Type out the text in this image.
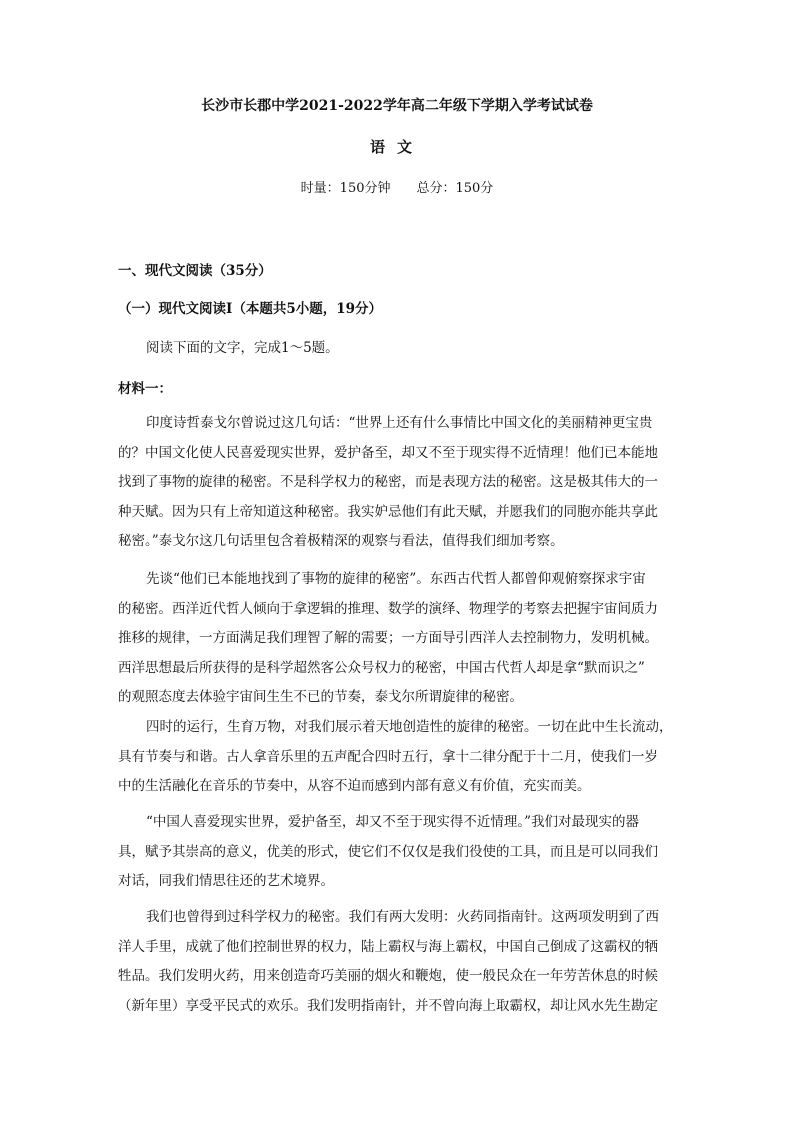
长沙市长郡中学2021-2022学年高二年级下学期入学考试试卷
语文
时量：150分钟　　总分：150分
一、现代文阅读（35分）
（一）现代文阅读Ⅰ（本题共5小题，19分）
阅读下面的文字，完成1～5题。
材料一：
印度诗哲泰戈尔曾说过这几句话：“世界上还有什么事情比中国文化的美丽精神更宝贵
的？中国文化使人民喜爱现实世界，爱护备至，却又不至于现实得不近情理！他们已本能地
找到了事物的旋律的秘密。不是科学权力的秘密，而是表现方法的秘密。这是极其伟大的一
种天赋。因为只有上帝知道这种秘密。我实妒忌他们有此天赋，并愿我们的同胞亦能共享此
秘密。”泰戈尔这几句话里包含着极精深的观察与看法，值得我们细加考察。
先谈“他们已本能地找到了事物的旋律的秘密”。东西古代哲人都曾仰观俯察探求宇宙
的秘密。西洋近代哲人倾向于拿逻辑的推理、数学的演绎、物理学的考察去把握宇宙间质力
推移的规律，一方面满足我们理智了解的需要；一方面导引西洋人去控制物力，发明机械。
西洋思想最后所获得的是科学超然客公众号权力的秘密，中国古代哲人却是拿“默而识之”
的观照态度去体验宇宙间生生不已的节奏，泰戈尔所谓旋律的秘密。
四时的运行，生育万物，对我们展示着天地创造性的旋律的秘密。一切在此中生长流动，
具有节奏与和谐。古人拿音乐里的五声配合四时五行，拿十二律分配于十二月，使我们一岁
中的生活融化在音乐的节奏中，从容不迫而感到内部有意义有价值，充实而美。
“中国人喜爱现实世界，爱护备至，却又不至于现实得不近情理。”我们对最现实的器
具，赋予其崇高的意义，优美的形式，使它们不仅仅是我们役使的工具，而且是可以同我们
对话，同我们情思往还的艺术境界。
我们也曾得到过科学权力的秘密。我们有两大发明：火药同指南针。这两项发明到了西
洋人手里，成就了他们控制世界的权力，陆上霸权与海上霸权，中国自己倒成了这霸权的牺
牲品。我们发明火药，用来创造奇巧美丽的烟火和鞭炮，使一般民众在一年劳苦休息的时候
（新年里）享受平民式的欢乐。我们发明指南针，并不曾向海上取霸权，却让风水先生勘定
